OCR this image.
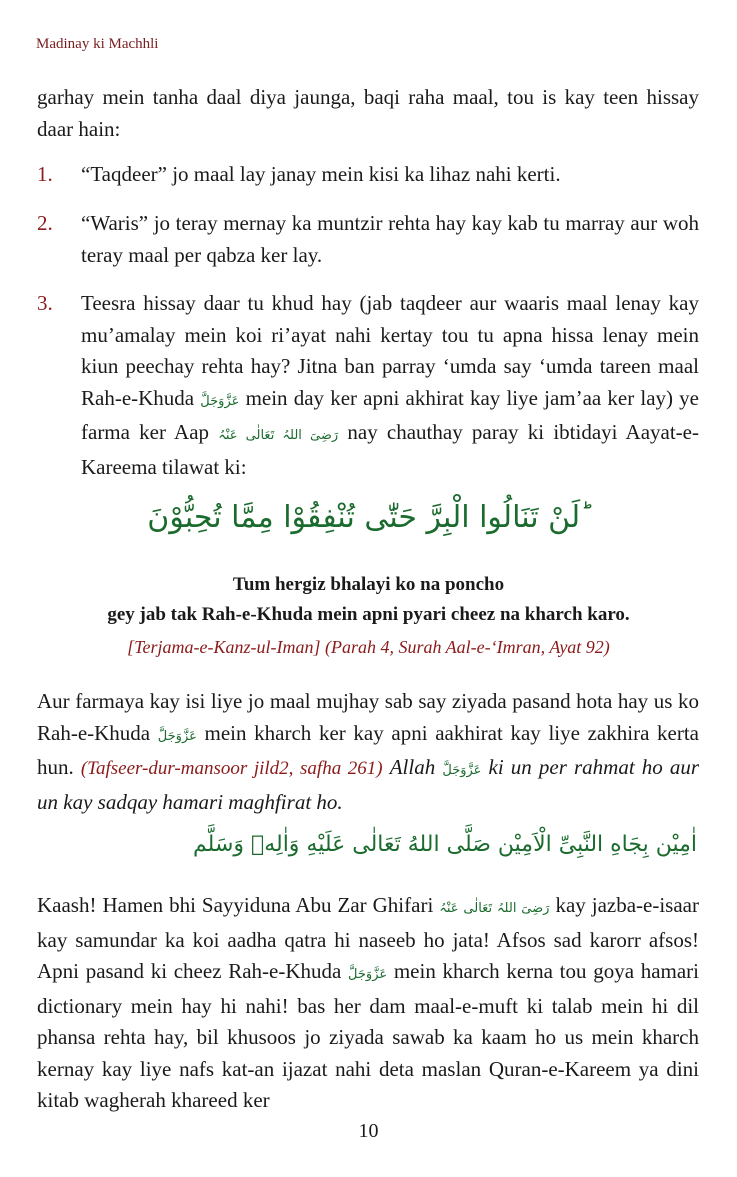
Madinay ki Machhli

garhay mein tanha daal diya jaunga, baqi raha maal, tou is kay teen hissay daar hain:

1. “Taqdeer” jo maal lay janay mein kisi ka lihaz nahi kerti.
2. “Waris” jo teray mernay ka muntzir rehta hay kay kab tu marray aur woh teray maal per qabza ker lay.
3. Teesra hissay daar tu khud hay (jab taqdeer aur waaris maal lenay kay mu’amalay mein koi ri’ayat nahi kertay tou tu apna hissa lenay mein kiun peechay rehta hay? Jitna ban parray ‘umda say ‘umda tareen maal Rah-e-Khuda عَزَّوَجَلَّ mein day ker apni akhirat kay liye jam’aa ker lay) ye farma ker Aap رَضِیَ اللہُ تَعَالٰی عَنْہُ nay chauthay paray ki ibtidayi Aayat-e-Kareema tilawat ki:
لَنْ تَنَالُوا الْبِرَّ حَتّٰى تُنْفِقُوْا مِمَّا تُحِبُّوْنَ ؕ
Tum hergiz bhalayi ko na poncho
gey jab tak Rah-e-Khuda mein apni pyari cheez na kharch karo.
[Terjama-e-Kanz-ul-Iman] (Parah 4, Surah Aal-e-‘Imran, Ayat 92)

Aur farmaya kay isi liye jo maal mujhay sab say ziyada pasand hota hay us ko Rah-e-Khuda عَزَّوَجَلَّ mein kharch ker kay apni aakhirat kay liye zakhira kerta hun. (Tafseer-dur-mansoor jild2, safha 261) Allah عَزَّوَجَلَّ ki un per rahmat ho aur un kay sadqay hamari maghfirat ho.

اٰمِیْن بِجَاهِ النَّبِیِّ الْاَمِیْن صَلَّى اللهُ تَعَالٰى عَلَيْهِ وَاٰلِهٖ وَسَلَّم

Kaash! Hamen bhi Sayyiduna Abu Zar Ghifari رَضِیَ اللہُ تَعَالٰی عَنْہُ kay jazba-e-isaar kay samundar ka koi aadha qatra hi naseeb ho jata! Afsos sad karorr afsos! Apni pasand ki cheez Rah-e-Khuda عَزَّوَجَلَّ mein kharch kerna tou goya hamari dictionary mein hay hi nahi! bas her dam maal-e-muft ki talab mein hi dil phansa rehta hay, bil khusoos jo ziyada sawab ka kaam ho us mein kharch kernay kay liye nafs kat-an ijazat nahi deta maslan Quran-e-Kareem ya dini kitab wagherah khareed ker

10
